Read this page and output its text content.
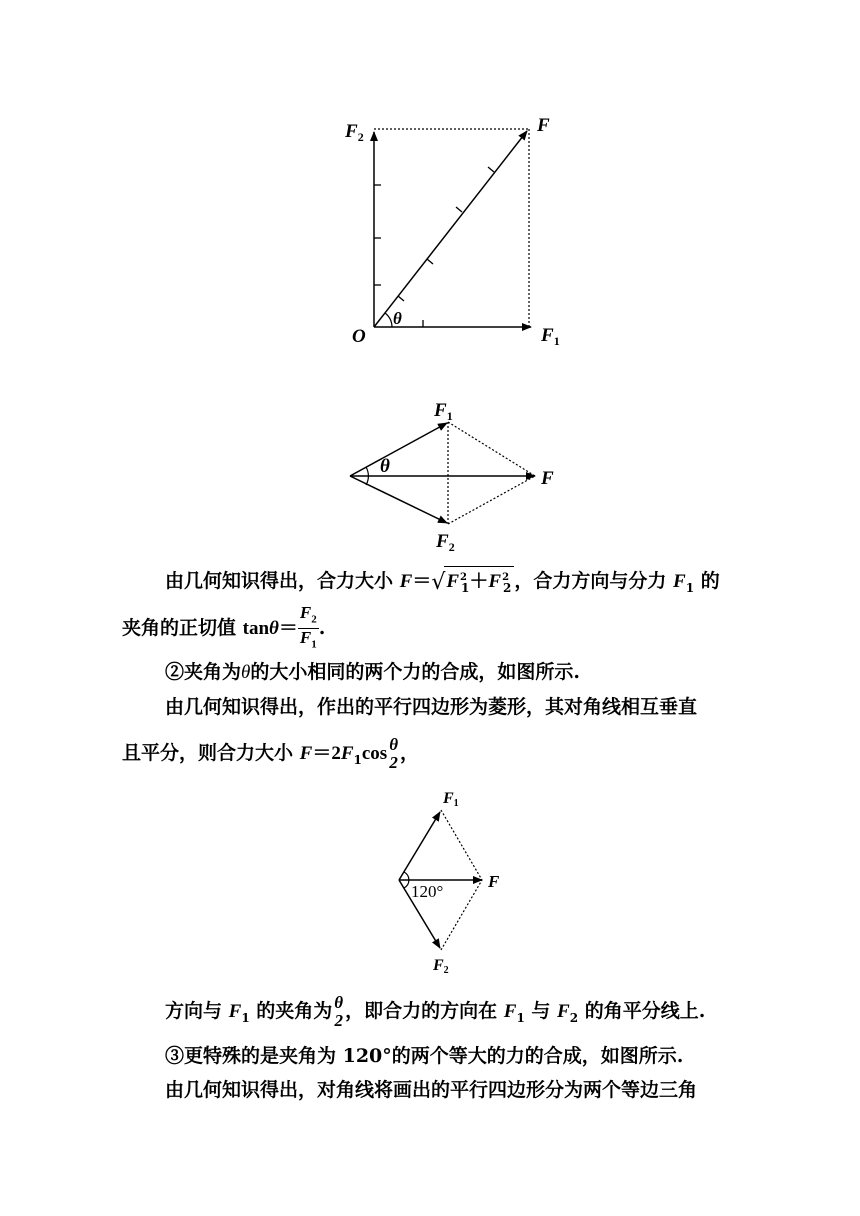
$F_2$
F
O	$F_1$
θ
$F_1$
F
$F_2$
θ
由几何知识得出，合力大小 $F=√F^2_1+F^2_2$ ，合力方向与分力 $F_1$ 的
夹角的正切值 $\tan\theta= \frac{F_2}{F_1}$ .
②夹角为θ的大小相同的两个力的合成，如图所示.
由几何知识得出，作出的平行四边形为菱形，其对角线相互垂直
且平分，则合力大小 $F=2F_1\cos$ θ
2 ，
F1
F
F2
120°
方向与 $F_1$ 的夹角为 θ
2 ，即合力的方向在 $F_1$ 与 $F_2$ 的角平分线上.
③更特殊的是夹角为 120°的两个等大的力的合成，如图所示.
由几何知识得出，对角线将画出的平行四边形分为两个等边三角
